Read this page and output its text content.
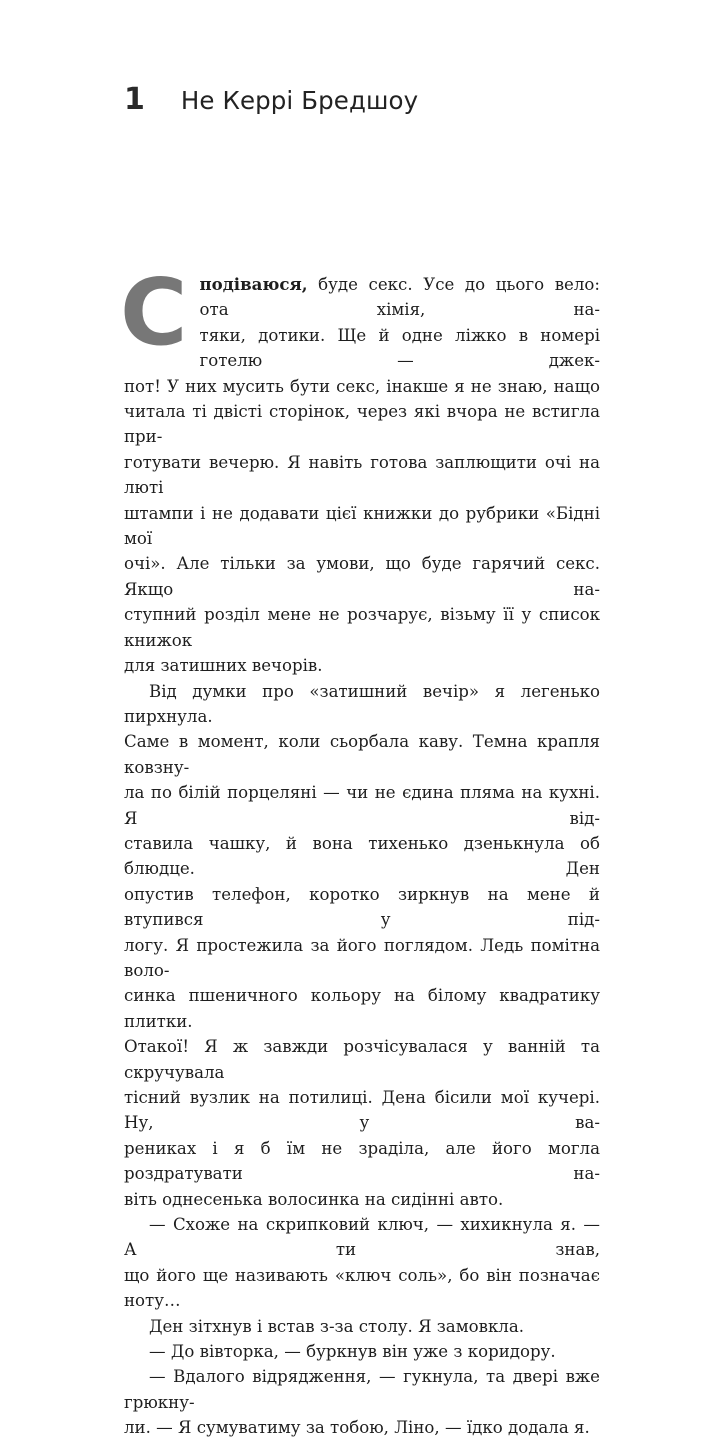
1 Не Керрі Бредшоу
С подіваюся, буде секс. Усе до цього вело: ота хімія, на-

тяки, дотики. Ще й одне ліжко в номері готелю — джек-

пот! У них мусить бути секс, інакше я не знаю, нащо

читала ті двісті сторінок, через які вчора не встигла при-

готувати вечерю. Я навіть готова заплющити очі на люті

штампи і не додавати цієї книжки до рубрики «Бідні мої

очі». Але тільки за умови, що буде гарячий секс. Якщо на-

ступний розділ мене не розчарує, візьму її у список книжок

для затишних вечорів.

Від думки про «затишний вечір» я легенько пирхнула.

Саме в момент, коли сьорбала каву. Темна крапля ковзну-

ла по білій порцеляні — чи не єдина пляма на кухні. Я від-

ставила чашку, й вона тихенько дзенькнула об блюдце. Ден

опустив телефон, коротко зиркнув на мене й втупився у під-

логу. Я простежила за його поглядом. Ледь помітна воло-

синка пшеничного кольору на білому квадратику плитки.

Отакої! Я ж завжди розчісувалася у ванній та скручувала

тісний вузлик на потилиці. Дена бісили мої кучері. Ну, у ва-

рениках і я б їм не зраділа, але його могла роздратувати на-

віть однесенька волосинка на сидінні авто.

— Схоже на скрипковий ключ, — хихикнула я. — А ти знав,

що його ще називають «ключ соль», бо він позначає ноту…

Ден зітхнув і встав з-за столу. Я замовкла.

— До вівторка, — буркнув він уже з коридору.

— Вдалого відрядження, — гукнула, та двері вже грюкну-

ли. — Я сумуватиму за тобою, Ліно, — їдко додала я.
